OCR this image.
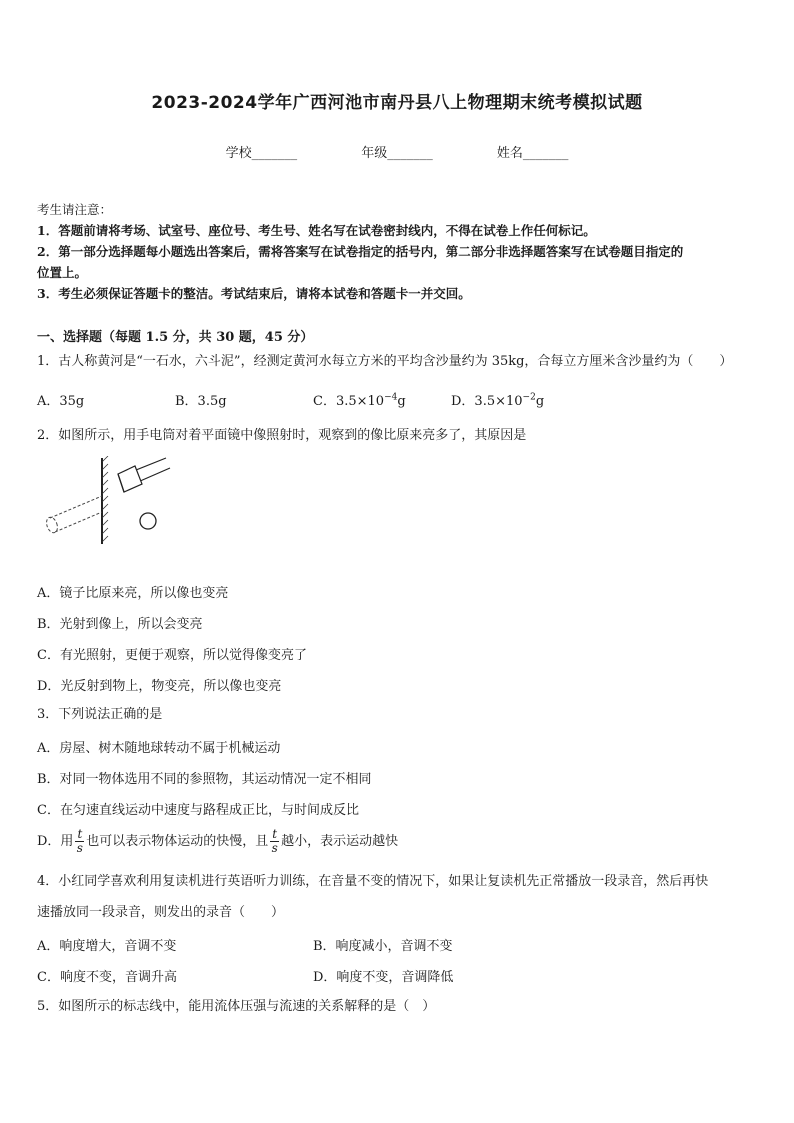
2023-2024学年广西河池市南丹县八上物理期末统考模拟试题
学校_______	年级_______	姓名_______
考生请注意：
1．答题前请将考场、试室号、座位号、考生号、姓名写在试卷密封线内，不得在试卷上作任何标记。
2．第一部分选择题每小题选出答案后，需将答案写在试卷指定的括号内，第二部分非选择题答案写在试卷题目指定的
位置上。
3．考生必须保证答题卡的整洁。考试结束后，请将本试卷和答题卡一并交回。
一、选择题（每题 1.5 分，共 30 题，45 分）
1．古人称黄河是“一石水，六斗泥”，经测定黄河水每立方米的平均含沙量约为 35kg，合每立方厘米含沙量约为（　　）
A．35g	B．3.5g	C．$3.5\times 10^{-4}g$	D．$3.5\times 10^{-2}g$
2．如图所示，用手电筒对着平面镜中像照射时，观察到的像比原来亮多了，其原因是
A．镜子比原来亮，所以像也变亮
B．光射到像上，所以会变亮
C．有光照射，更便于观察，所以觉得像变亮了
D．光反射到物上，物变亮，所以像也变亮
3．下列说法正确的是
A．房屋、树木随地球转动不属于机械运动
B．对同一物体选用不同的参照物，其运动情况一定不相同
C．在匀速直线运动中速度与路程成正比，与时间成反比
D．用 $\frac{t}{s}$ 也可以表示物体运动的快慢，且 $\frac{t}{s}$ 越小，表示运动越快
4．小红同学喜欢利用复读机进行英语听力训练，在音量不变的情况下，如果让复读机先正常播放一段录音，然后再快
速播放同一段录音，则发出的录音（　　）
A．响度增大，音调不变	B．响度减小，音调不变
C．响度不变，音调升高	D．响度不变，音调降低
5．如图所示的标志线中，能用流体压强与流速的关系解释的是（　）
